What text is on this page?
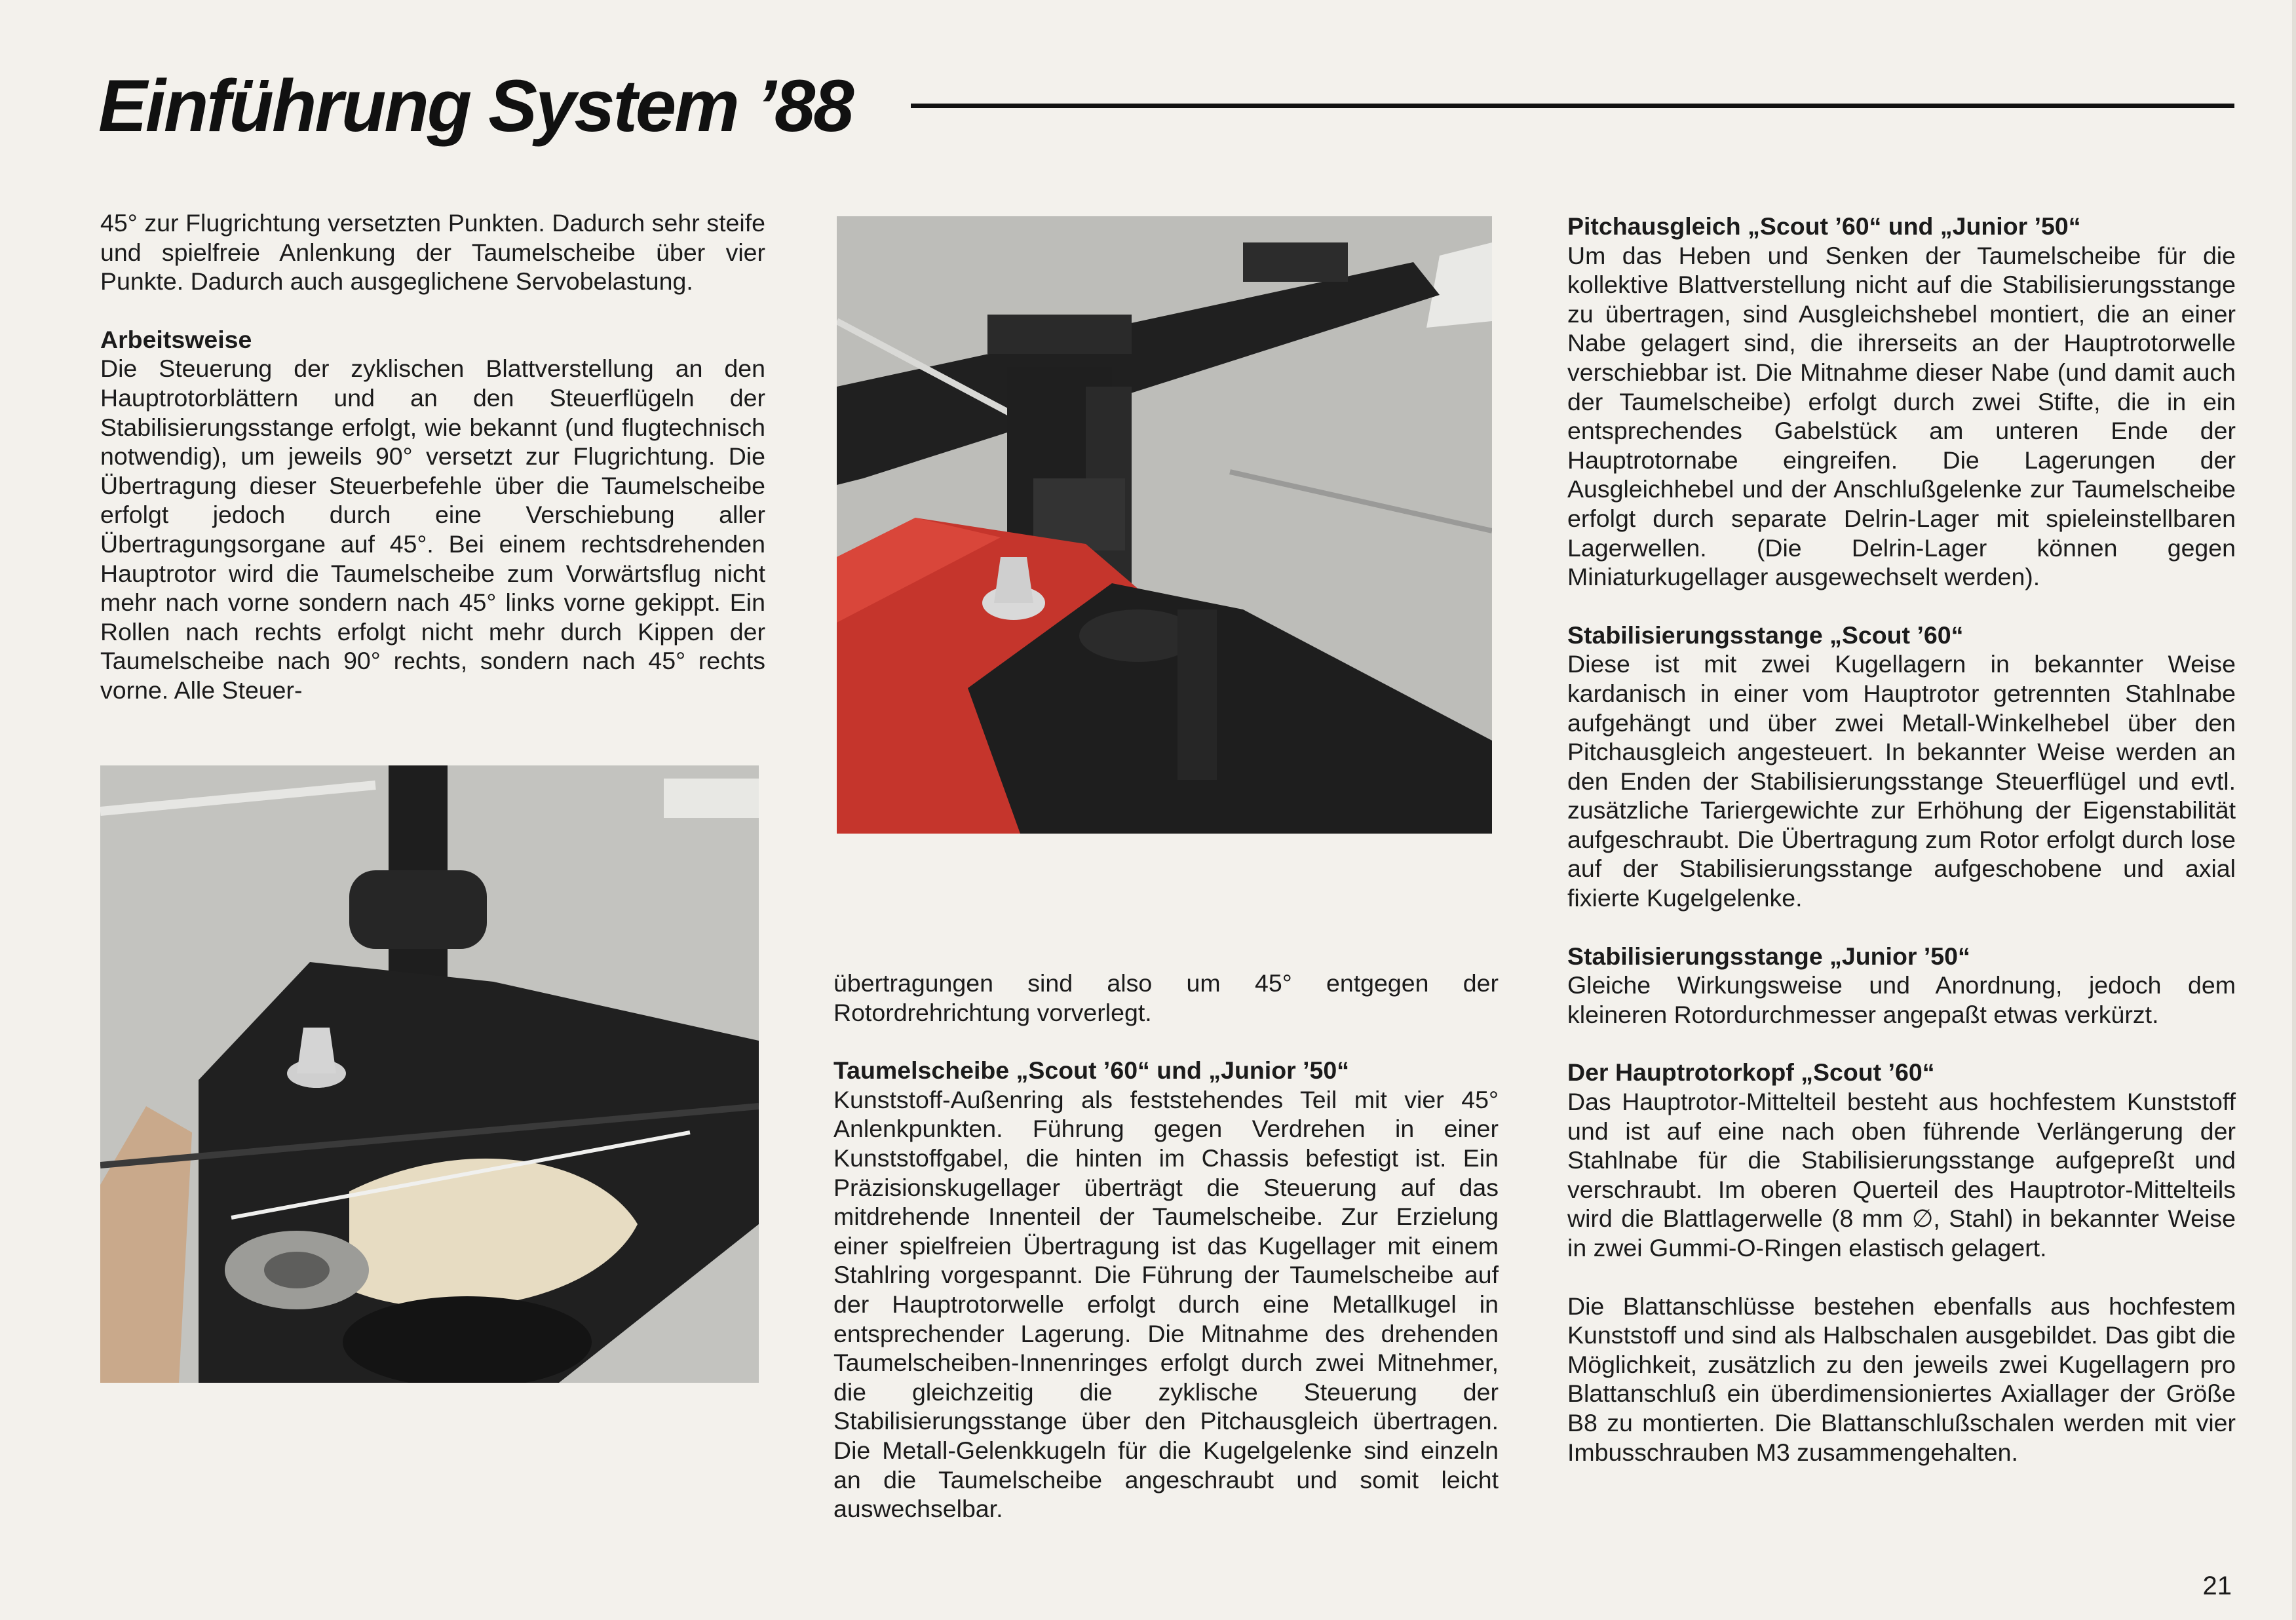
Einführung System ’88

45° zur Flugrichtung versetzten Punkten. Dadurch sehr steife und spielfreie Anlenkung der Taumelscheibe über vier Punkte. Dadurch auch ausgeglichene Servobelastung.

Arbeitsweise

Die Steuerung der zyklischen Blattverstellung an den Hauptrotorblättern und an den Steuerflügeln der Stabilisierungsstange erfolgt, wie bekannt (und flugtechnisch notwendig), um jeweils 90° versetzt zur Flugrichtung. Die Übertragung dieser Steuerbefehle über die Taumelscheibe erfolgt jedoch durch eine Verschiebung aller Übertragungsorgane auf 45°. Bei einem rechtsdrehenden Hauptrotor wird die Taumelscheibe zum Vorwärtsflug nicht mehr nach vorne sondern nach 45° links vorne gekippt. Ein Rollen nach rechts erfolgt nicht mehr durch Kippen der Taumelscheibe nach 90° rechts, sondern nach 45° rechts vorne. Alle Steuer-

übertragungen sind also um 45° entgegen der Rotordrehrichtung vorverlegt.

Taumelscheibe „Scout ’60“ und „Junior ’50“

Kunststoff-Außenring als feststehendes Teil mit vier 45° Anlenkpunkten. Führung gegen Verdrehen in einer Kunststoffgabel, die hinten im Chassis befestigt ist. Ein Präzisionskugellager überträgt die Steuerung auf das mitdrehende Innenteil der Taumelscheibe. Zur Erzielung einer spielfreien Übertragung ist das Kugellager mit einem Stahlring vorgespannt. Die Führung der Taumelscheibe auf der Hauptrotorwelle erfolgt durch eine Metallkugel in entsprechender Lagerung. Die Mitnahme des drehenden Taumelscheiben-Innenringes erfolgt durch zwei Mitnehmer, die gleichzeitig die zyklische Steuerung der Stabilisierungsstange über den Pitchausgleich übertragen. Die Metall-Gelenkkugeln für die Kugelgelenke sind einzeln an die Taumelscheibe angeschraubt und somit leicht auswechselbar.

Pitchausgleich „Scout ’60“ und „Junior ’50“

Um das Heben und Senken der Taumelscheibe für die kollektive Blattverstellung nicht auf die Stabilisierungsstange zu übertragen, sind Ausgleichshebel montiert, die an einer Nabe gelagert sind, die ihrerseits an der Hauptrotorwelle verschiebbar ist. Die Mitnahme dieser Nabe (und damit auch der Taumelscheibe) erfolgt durch zwei Stifte, die in ein entsprechendes Gabelstück am unteren Ende der Hauptrotornabe eingreifen. Die Lagerungen der Ausgleichhebel und der Anschlußgelenke zur Taumelscheibe erfolgt durch separate Delrin-Lager mit spieleinstellbaren Lagerwellen. (Die Delrin-Lager können gegen Miniaturkugellager ausgewechselt werden).

Stabilisierungsstange „Scout ’60“

Diese ist mit zwei Kugellagern in bekannter Weise kardanisch in einer vom Hauptrotor getrennten Stahlnabe aufgehängt und über zwei Metall-Winkelhebel über den Pitchausgleich angesteuert. In bekannter Weise werden an den Enden der Stabilisierungsstange Steuerflügel und evtl. zusätzliche Tariergewichte zur Erhöhung der Eigenstabilität aufgeschraubt. Die Übertragung zum Rotor erfolgt durch lose auf der Stabilisierungsstange aufgeschobene und axial fixierte Kugelgelenke.

Stabilisierungsstange „Junior ’50“

Gleiche Wirkungsweise und Anordnung, jedoch dem kleineren Rotordurchmesser angepaßt etwas verkürzt.

Der Hauptrotorkopf „Scout ’60“

Das Hauptrotor-Mittelteil besteht aus hochfestem Kunststoff und ist auf eine nach oben führende Verlängerung der Stahlnabe für die Stabilisierungsstange aufgepreßt und verschraubt. Im oberen Querteil des Hauptrotor-Mittelteils wird die Blattlagerwelle (8 mm ∅, Stahl) in bekannter Weise in zwei Gummi-O-Ringen elastisch gelagert.

Die Blattanschlüsse bestehen ebenfalls aus hochfestem Kunststoff und sind als Halbschalen ausgebildet. Das gibt die Möglichkeit, zusätzlich zu den jeweils zwei Kugellagern pro Blattanschluß ein überdimensioniertes Axiallager der Größe B8 zu montierten. Die Blattanschlußschalen werden mit vier Imbusschrauben M3 zusammengehalten.

21
